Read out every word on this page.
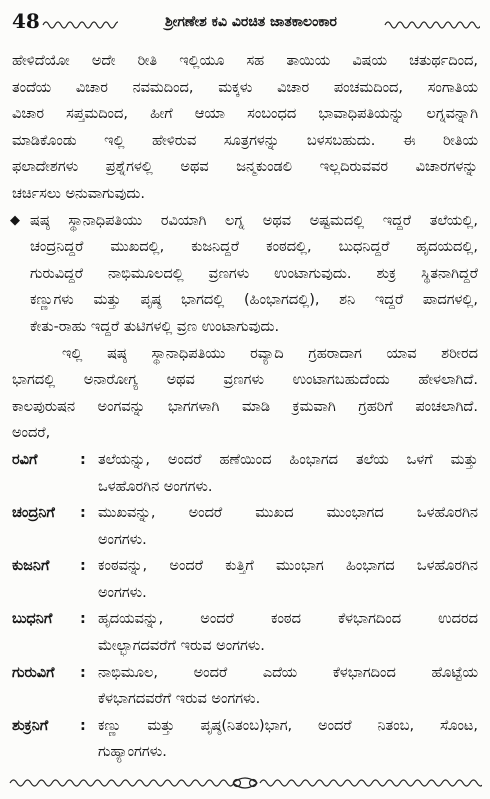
48	ಶ್ರೀಗಣೇಶ ಕವಿ ವಿರಚಿತ ಜಾತಕಾಲಂಕಾರ
ಹೇಳಿದೆಯೋ ಅದೇ ರೀತಿ ಇಲ್ಲಿಯೂ ಸಹ ತಾಯಿಯ ವಿಷಯ ಚತುರ್ಥದಿಂದ,
ತಂದೆಯ ವಿಚಾರ ನವಮದಿಂದ, ಮಕ್ಕಳು ವಿಚಾರ ಪಂಚಮದಿಂದ, ಸಂಗಾತಿಯ
ವಿಚಾರ ಸಪ್ತಮದಿಂದ, ಹೀಗೆ ಆಯಾ ಸಂಬಂಧದ ಭಾವಾಧಿಪತಿಯನ್ನು ಲಗ್ನವನ್ನಾಗಿ
ಮಾಡಿಕೊಂಡು ಇಲ್ಲಿ ಹೇಳಿರುವ ಸೂತ್ರಗಳನ್ನು ಬಳಸಬಹುದು. ಈ ರೀತಿಯ
ಫಲಾದೇಶಗಳು ಪ್ರಶ್ನೆಗಳಲ್ಲಿ ಅಥವ ಜನ್ಮಕುಂಡಲಿ ಇಲ್ಲದಿರುವವರ ವಿಚಾರಗಳನ್ನು
ಚರ್ಚಿಸಲು ಅನುವಾಗುವುದು.
◆ ಷಷ್ಠ ಸ್ಥಾನಾಧಿಪತಿಯು ರವಿಯಾಗಿ ಲಗ್ನ ಅಥವ ಅಷ್ಟಮದಲ್ಲಿ ಇದ್ದರೆ ತಲೆಯಲ್ಲಿ,
ಚಂದ್ರನಿದ್ದರೆ ಮುಖದಲ್ಲಿ, ಕುಜನಿದ್ದರೆ ಕಂಠದಲ್ಲಿ, ಬುಧನಿದ್ದರೆ ಹೃದಯದಲ್ಲಿ,
ಗುರುವಿದ್ದರೆ ನಾಭಿಮೂಲದಲ್ಲಿ ವ್ರಣಗಳು ಉಂಟಾಗುವುದು. ಶುಕ್ರ ಸ್ಥಿತನಾಗಿದ್ದರೆ
ಕಣ್ಣುಗಳು ಮತ್ತು ಪೃಷ್ಠ ಭಾಗದಲ್ಲಿ (ಹಿಂಭಾಗದಲ್ಲಿ), ಶನಿ ಇದ್ದರೆ ಪಾದಗಳಲ್ಲಿ,
ಕೇತು-ರಾಹು ಇದ್ದರೆ ತುಟಿಗಳಲ್ಲಿ ವ್ರಣ ಉಂಟಾಗುವುದು.
ಇಲ್ಲಿ ಷಷ್ಠ ಸ್ಥಾನಾಧಿಪತಿಯು ರವ್ಯಾದಿ ಗ್ರಹರಾದಾಗ ಯಾವ ಶರೀರದ
ಭಾಗದಲ್ಲಿ ಅನಾರೋಗ್ಯ ಅಥವ ವ್ರಣಗಳು ಉಂಟಾಗಬಹುದೆಂದು ಹೇಳಲಾಗಿದೆ.
ಕಾಲಪುರುಷನ ಅಂಗವನ್ನು ಭಾಗಗಳಾಗಿ ಮಾಡಿ ಕ್ರಮವಾಗಿ ಗ್ರಹರಿಗೆ ಪಂಚಲಾಗಿದೆ.
ಅಂದರೆ,
ರವಿಗೆ	: ತಲೆಯನ್ನು, ಅಂದರೆ ಹಣೆಯಿಂದ ಹಿಂಭಾಗದ ತಲೆಯ ಒಳಗೆ ಮತ್ತು
ಒಳಹೊರಗಿನ ಅಂಗಗಳು.
ಚಂದ್ರನಿಗೆ	: ಮುಖವನ್ನು, ಅಂದರೆ ಮುಖದ ಮುಂಭಾಗದ ಒಳಹೊರಗಿನ
ಅಂಗಗಳು.
ಕುಜನಿಗೆ	: ಕಂಠವನ್ನು, ಅಂದರೆ ಕುತ್ತಿಗೆ ಮುಂಭಾಗ ಹಿಂಭಾಗದ ಒಳಹೊರಗಿನ
ಅಂಗಗಳು.
ಬುಧನಿಗೆ	: ಹೃದಯವನ್ನು, ಅಂದರೆ ಕಂಠದ ಕೆಳಭಾಗದಿಂದ ಉದರದ
ಮೇಲ್ಭಾಗದವರೆಗೆ ಇರುವ ಅಂಗಗಳು.
ಗುರುವಿಗೆ	: ನಾಭಿಮೂಲ, ಅಂದರೆ ಎದೆಯ ಕೆಳಭಾಗದಿಂದ ಹೊಟ್ಟೆಯ
ಕೆಳಭಾಗದವರೆಗೆ ಇರುವ ಅಂಗಗಳು.
ಶುಕ್ರನಿಗೆ	: ಕಣ್ಣು ಮತ್ತು ಪೃಷ್ಠ(ನಿತಂಬ)ಭಾಗ, ಅಂದರೆ ನಿತಂಬ, ಸೊಂಟ,
ಗುಹ್ಯಾಂಗಗಳು.
